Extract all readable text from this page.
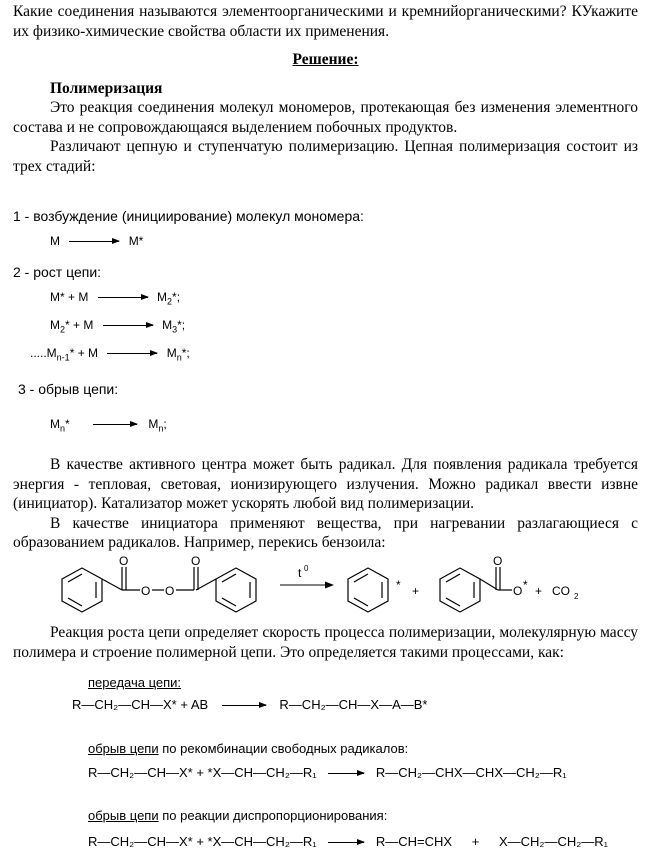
Какие соединения называются элементоорганическими и кремнийорганическими? КУкажите их физико-химические свойства области их применения.

Решение:

Полимеризация

Это реакция соединения молекул мономеров, протекающая без изменения элементного состава и не сопровождающаяся выделением побочных продуктов.

Различают цепную и ступенчатую полимеризацию. Цепная полимеризация состоит из трех стадий:

1 - возбуждение (инициирование) молекул мономера:
M	M*
2 - рост цепи:
M* + M	$M_2*$;
$M_2* + M$	$M_3*$;
$.....M_{n-1}* + M$	$M_n*$;
3 - обрыв цепи:
$M_n* \to M_n$;

В качестве активного центра может быть радикал. Для появления радикала требуется энергия - тепловая, световая, ионизирующего излучения. Можно радикал ввести извне (инициатор). Катализатор может ускорять любой вид полимеризации.

В качестве инициатора применяют вещества, при нагревании разлагающиеся с образованием радикалов. Например, перекись бензоила:

O
O O
O
t 0
* +
O
O * + CO 2

Реакция роста цепи определяет скорость процесса полимеризации, молекулярную массу полимера и строение полимерной цепи. Это определяется такими процессами, как:

передача цепи:
R—CH₂—CH—X* + AB → R—CH₂—CH—X—A—B*
обрыв цепи по рекомбинации свободных радикалов:
R—CH₂—CH—X* + *X—CH—CH₂—R₁ → R—CH₂—CHX—CHX—CH₂—R₁
обрыв цепи по реакции диспропорционирования:
R—CH₂—CH—X* + *X—CH—CH₂—R₁ → R—CH=CHX + X—CH₂—CH₂—R₁
